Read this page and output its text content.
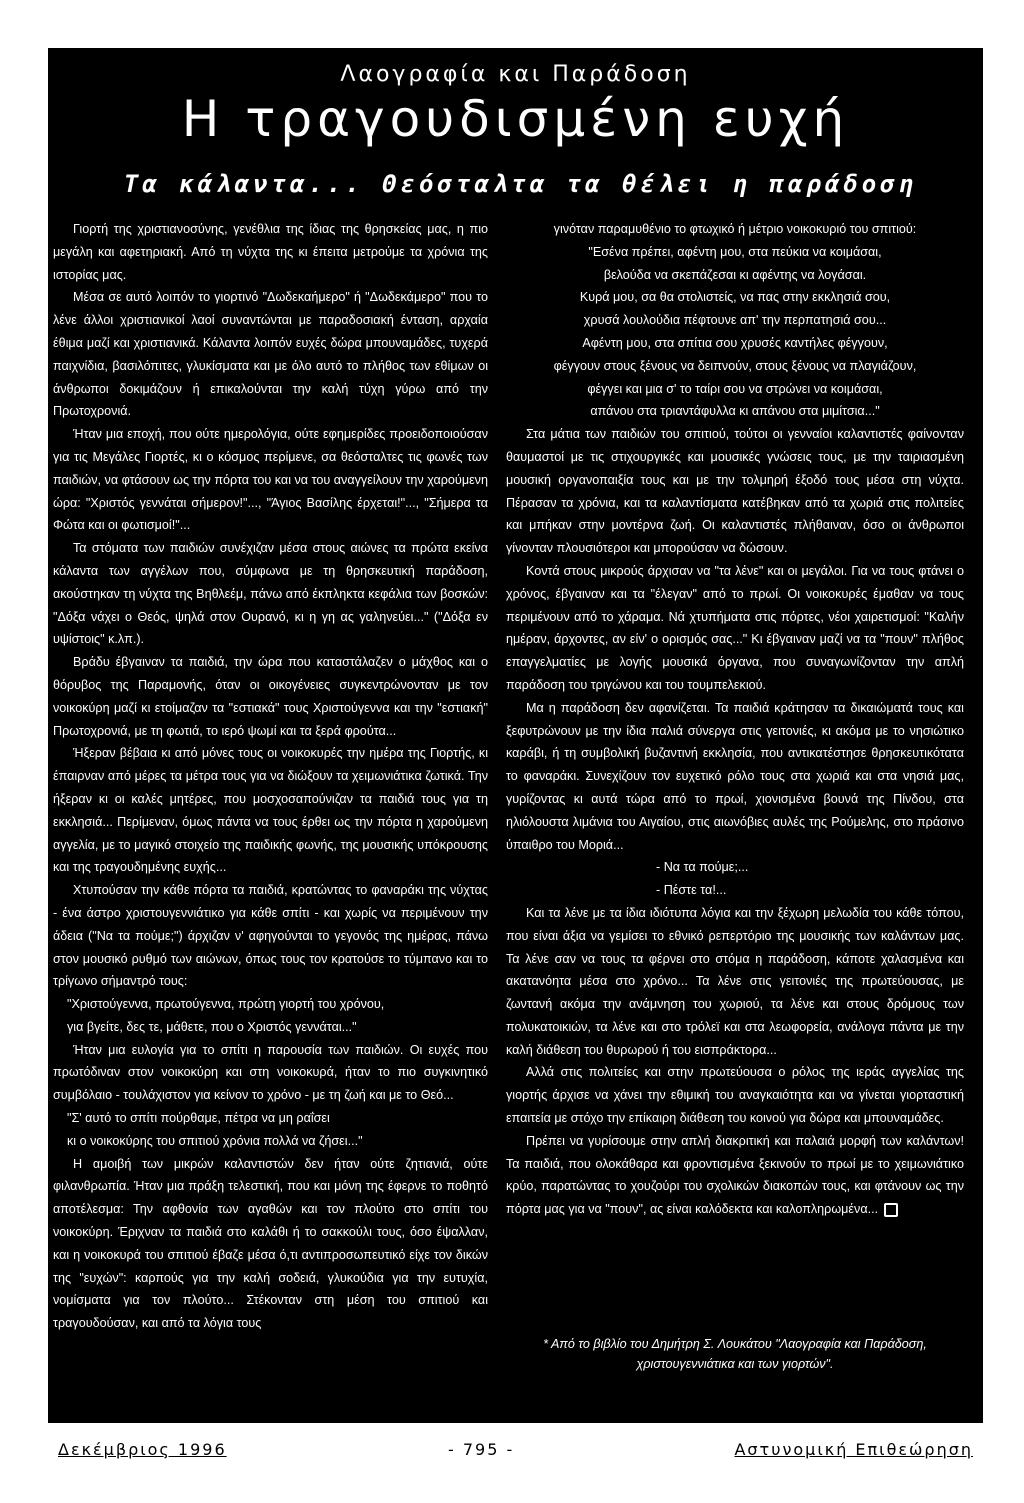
Λαογραφία και Παράδοση
Η τραγουδισμένη ευχή
Τα κάλαντα... Θεόσταλτα τα θέλει η παράδοση

Γιορτή της χριστιανοσύνης, γενέθλια της ίδιας της θρησκείας μας, η πιο μεγάλη και αφετηριακή. Από τη νύχτα της κι έπειτα μετρούμε τα χρόνια της ιστορίας μας.

Μέσα σε αυτό λοιπόν το γιορτινό "Δωδεκαήμερο" ή "Δωδεκάμερο" που το λένε άλλοι χριστιανικοί λαοί συναντώνται με παραδοσιακή ένταση, αρχαία έθιμα μαζί και χριστιανικά. Κάλαντα λοιπόν ευχές δώρα μπουναμάδες, τυχερά παιχνίδια, βασιλόπιτες, γλυκίσματα και με όλο αυτό το πλήθος των εθίμων οι άνθρωποι δοκιμάζουν ή επικαλούνται την καλή τύχη γύρω από την Πρωτοχρονιά.

Ήταν μια εποχή, που ούτε ημερολόγια, ούτε εφημερίδες προειδοποιούσαν για τις Μεγάλες Γιορτές, κι ο κόσμος περίμενε, σα θεόσταλτες τις φωνές των παιδιών, να φτάσουν ως την πόρτα του και να του αναγγείλουν την χαρούμενη ώρα: "Χριστός γεννάται σήμερον!"..., "Άγιος Βασίλης έρχεται!"..., "Σήμερα τα Φώτα και οι φωτισμοί!"...

Τα στόματα των παιδιών συνέχιζαν μέσα στους αιώνες τα πρώτα εκείνα κάλαντα των αγγέλων που, σύμφωνα με τη θρησκευτική παράδοση, ακούστηκαν τη νύχτα της Βηθλεέμ, πάνω από έκπληκτα κεφάλια των βοσκών: "Δόξα νάχει ο Θεός, ψηλά στον Ουρανό, κι η γη ας γαληνεύει..." ("Δόξα εν υψίστοις" κ.λπ.).

Βράδυ έβγαιναν τα παιδιά, την ώρα που καταστάλαζεν ο μάχθος και ο θόρυβος της Παραμονής, όταν οι οικογένειες συγκεντρώνονταν με τον νοικοκύρη μαζί κι ετοίμαζαν τα "εστιακά" τους Χριστούγεννα και την "εστιακή" Πρωτοχρονιά, με τη φωτιά, το ιερό ψωμί και τα ξερά φρούτα...

Ήξεραν βέβαια κι από μόνες τους οι νοικοκυρές την ημέρα της Γιορτής, κι έπαιρναν από μέρες τα μέτρα τους για να διώξουν τα χειμωνιάτικα ζωτικά. Την ήξεραν κι οι καλές μητέρες, που μοσχοσαπούνιζαν τα παιδιά τους για τη εκκλησιά... Περίμεναν, όμως πάντα να τους έρθει ως την πόρτα η χαρούμενη αγγελία, με το μαγικό στοιχείο της παιδικής φωνής, της μουσικής υπόκρουσης και της τραγουδημένης ευχής...

Χτυπούσαν την κάθε πόρτα τα παιδιά, κρατώντας το φαναράκι της νύχτας - ένα άστρο χριστουγεννιάτικο για κάθε σπίτι - και χωρίς να περιμένουν την άδεια ("Να τα πούμε;") άρχιζαν ν' αφηγούνται το γεγονός της ημέρας, πάνω στον μουσικό ρυθμό των αιώνων, όπως τους τον κρατούσε το τύμπανο και το τρίγωνο σήμαντρό τους:

"Χριστούγεννα, πρωτούγεννα, πρώτη γιορτή του χρόνου,

για βγείτε, δες τε, μάθετε, που ο Χριστός γεννάται..."

Ήταν μια ευλογία για το σπίτι η παρουσία των παιδιών. Οι ευχές που πρωτόδιναν στον νοικοκύρη και στη νοικοκυρά, ήταν το πιο συγκινητικό συμβόλαιο - τουλάχιστον για κείνον το χρόνο - με τη ζωή και με το Θεό...

"Σ' αυτό το σπίτι πούρθαμε, πέτρα να μη ραΐσει

κι ο νοικοκύρης του σπιτιού χρόνια πολλά να ζήσει..."

Η αμοιβή των μικρών καλαντιστών δεν ήταν ούτε ζητιανιά, ούτε φιλανθρωπία. Ήταν μια πράξη τελεστική, που και μόνη της έφερνε το ποθητό αποτέλεσμα: Την αφθονία των αγαθών και τον πλούτο στο σπίτι του νοικοκύρη. Έριχναν τα παιδιά στο καλάθι ή το σακκούλι τους, όσο έψαλλαν, και η νοικοκυρά του σπιτιού έβαζε μέσα ό,τι αντιπροσωπευτικό είχε τον δικών της "ευχών": καρπούς για την καλή σοδειά, γλυκούδια για την ευτυχία, νομίσματα για τον πλούτο... Στέκονταν στη μέση του σπιτιού και τραγουδούσαν, και από τα λόγια τους

γινόταν παραμυθένιο το φτωχικό ή μέτριο νοικοκυριό του σπιτιού:

"Εσένα πρέπει, αφέντη μου, στα πεύκια να κοιμάσαι,

βελούδα να σκεπάζεσαι κι αφέντης να λογάσαι.

Κυρά μου, σα θα στολιστείς, να πας στην εκκλησιά σου,

χρυσά λουλούδια πέφτουνε απ' την περπατησιά σου...

Αφέντη μου, στα σπίτια σου χρυσές καντήλες φέγγουν,

φέγγουν στους ξένους να δειπνούν, στους ξένους να πλαγιάζουν,

φέγγει και μια σ' το ταίρι σου να στρώνει να κοιμάσαι,

απάνου στα τριαντάφυλλα κι απάνου στα μιμίτσια..."

Στα μάτια των παιδιών του σπιτιού, τούτοι οι γενναίοι καλαντιστές φαίνονταν θαυμαστοί με τις στιχουργικές και μουσικές γνώσεις τους, με την ταιριασμένη μουσική οργανοπαιξία τους και με την τολμηρή έξοδό τους μέσα στη νύχτα. Πέρασαν τα χρόνια, και τα καλαντίσματα κατέβηκαν από τα χωριά στις πολιτείες και μπήκαν στην μοντέρνα ζωή. Οι καλαντιστές πλήθαιναν, όσο οι άνθρωποι γίνονταν πλουσιότεροι και μπορούσαν να δώσουν.

Κοντά στους μικρούς άρχισαν να "τα λένε" και οι μεγάλοι. Για να τους φτάνει ο χρόνος, έβγαιναν και τα "έλεγαν" από το πρωί. Οι νοικοκυρές έμαθαν να τους περιμένουν από το χάραμα. Νά χτυπήματα στις πόρτες, νέοι χαιρετισμοί: "Καλήν ημέραν, άρχοντες, αν είν' ο ορισμός σας..." Κι έβγαιναν μαζί να τα "πουν" πλήθος επαγγελματίες με λογής μουσικά όργανα, που συναγωνίζονταν την απλή παράδοση του τριγώνου και του τουμπελεκιού.

Μα η παράδοση δεν αφανίζεται. Τα παιδιά κράτησαν τα δικαιώματά τους και ξεφυτρώνουν με την ίδια παλιά σύνεργα στις γειτονιές, κι ακόμα με το νησιώτικο καράβι, ή τη συμβολική βυζαντινή εκκλησία, που αντικατέστησε θρησκευτικότατα το φαναράκι. Συνεχίζουν τον ευχετικό ρόλο τους στα χωριά και στα νησιά μας, γυρίζοντας κι αυτά τώρα από το πρωί, χιονισμένα βουνά της Πίνδου, στα ηλιόλουστα λιμάνια του Αιγαίου, στις αιωνόβιες αυλές της Ρούμελης, στο πράσινο ύπαιθρο του Μοριά...

- Να τα πούμε;...

- Πέστε τα!...

Και τα λένε με τα ίδια ιδιότυπα λόγια και την ξέχωρη μελωδία του κάθε τόπου, που είναι άξια να γεμίσει το εθνικό ρεπερτόριο της μουσικής των καλάντων μας. Τα λένε σαν να τους τα φέρνει στο στόμα η παράδοση, κάποτε χαλασμένα και ακατανόητα μέσα στο χρόνο... Τα λένε στις γειτονιές της πρωτεύουσας, με ζωντανή ακόμα την ανάμνηση του χωριού, τα λένε και στους δρόμους των πολυκατοικιών, τα λένε και στο τρόλεϊ και στα λεωφορεία, ανάλογα πάντα με την καλή διάθεση του θυρωρού ή του εισπράκτορα...

Αλλά στις πολιτείες και στην πρωτεύουσα ο ρόλος της ιεράς αγγελίας της γιορτής άρχισε να χάνει την εθιμική του αναγκαιότητα και να γίνεται γιορταστική επαιτεία με στόχο την επίκαιρη διάθεση του κοινού για δώρα και μπουναμάδες.

Πρέπει να γυρίσουμε στην απλή διακριτική και παλαιά μορφή των καλάντων! Τα παιδιά, που ολοκάθαρα και φροντισμένα ξεκινούν το πρωί με το χειμωνιάτικο κρύο, παρατώντας το χουζούρι του σχολικών διακοπών τους, και φτάνουν ως την πόρτα μας για να "πουν", ας είναι καλόδεκτα και καλοπληρωμένα...

* Από το βιβλίο του Δημήτρη Σ. Λουκάτου "Λαογραφία και Παράδοση, χριστουγεννιάτικα και των γιορτών".
Δεκέμβριος 1996	- 795 -	Αστυνομική Επιθεώρηση
